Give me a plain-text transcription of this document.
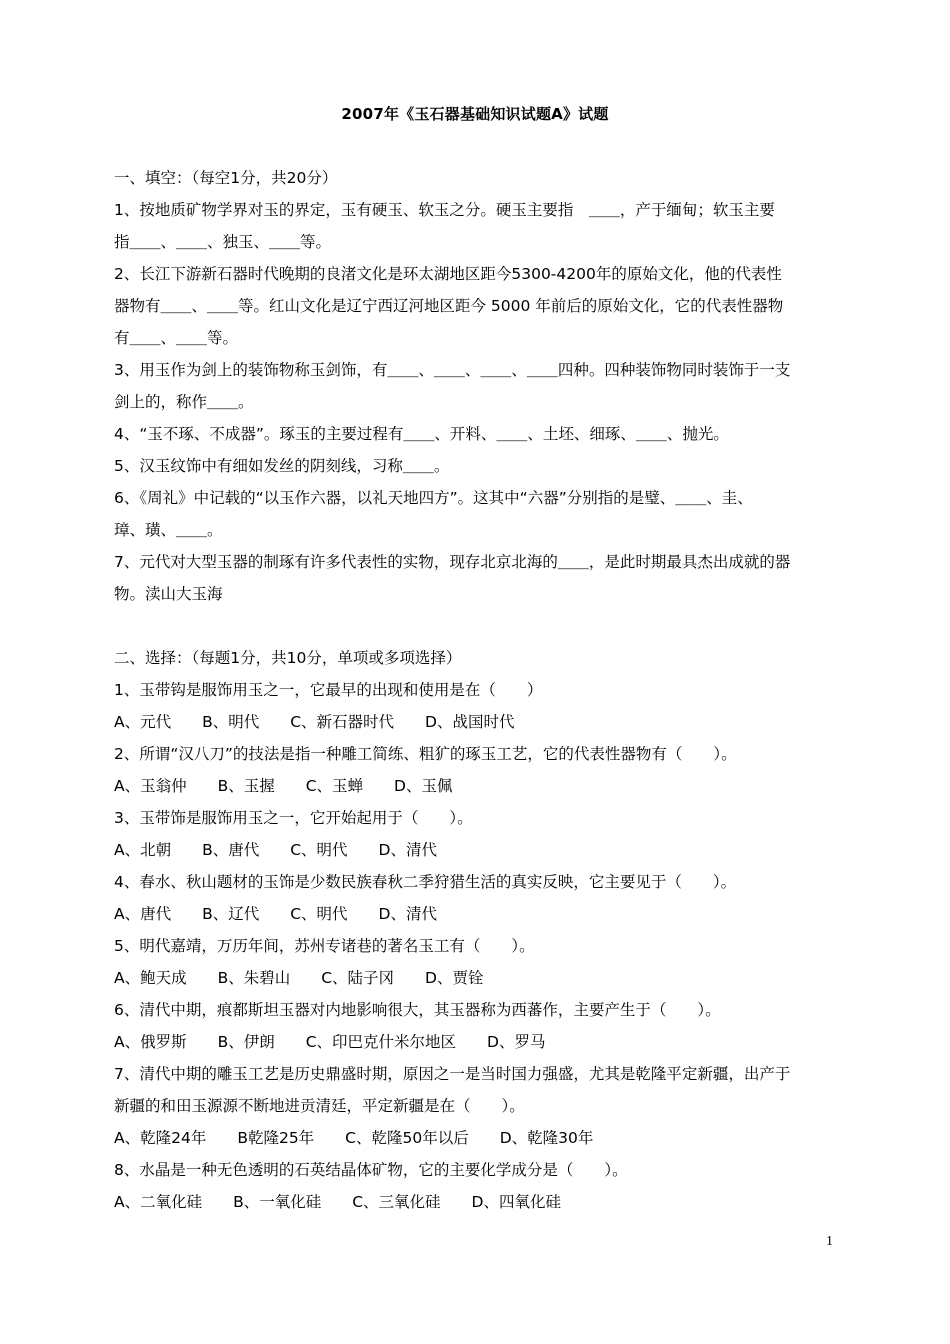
2007年《玉石器基础知识试题A》试题
一、填空：（每空1分，共20分）
1、按地质矿物学界对玉的界定，玉有硬玉、软玉之分。硬玉主要指　＿＿，产于缅甸；软玉主要
指＿＿、＿＿、独玉、＿＿等。
2、长江下游新石器时代晚期的良渚文化是环太湖地区距今5300-4200年的原始文化，他的代表性
器物有＿＿、＿＿等。红山文化是辽宁西辽河地区距今 5000 年前后的原始文化，它的代表性器物
有＿＿、＿＿等。
3、用玉作为剑上的装饰物称玉剑饰，有＿＿、＿＿、＿＿、＿＿四种。四种装饰物同时装饰于一支
剑上的，称作＿＿。
4、“玉不琢、不成器”。琢玉的主要过程有＿＿、开料、＿＿、土坯、细琢、＿＿、抛光。
5、汉玉纹饰中有细如发丝的阴刻线，习称＿＿。
6、《周礼》中记载的“以玉作六器，以礼天地四方”。这其中“六器”分别指的是璧、＿＿、圭、
璋、璜、＿＿。
7、元代对大型玉器的制琢有许多代表性的实物，现存北京北海的＿＿，是此时期最具杰出成就的器
物。渎山大玉海
二、选择：（每题1分，共10分，单项或多项选择）
1、玉带钩是服饰用玉之一，它最早的出现和使用是在（　　）
A、元代　　B、明代　　C、新石器时代　　D、战国时代
2、所谓“汉八刀”的技法是指一种雕工简练、粗犷的琢玉工艺，它的代表性器物有（　　）。
A、玉翁仲　　B、玉握　　C、玉蝉　　D、玉佩
3、玉带饰是服饰用玉之一，它开始起用于（　　）。
A、北朝　　B、唐代　　C、明代　　D、清代
4、春水、秋山题材的玉饰是少数民族春秋二季狩猎生活的真实反映，它主要见于（　　）。
A、唐代　　B、辽代　　C、明代　　D、清代
5、明代嘉靖，万历年间，苏州专诸巷的著名玉工有（　　）。
A、鲍天成　　B、朱碧山　　C、陆子冈　　D、贾铨
6、清代中期，痕都斯坦玉器对内地影响很大，其玉器称为西蕃作，主要产生于（　　）。
A、俄罗斯　　B、伊朗　　C、印巴克什米尔地区　　D、罗马
7、清代中期的雕玉工艺是历史鼎盛时期，原因之一是当时国力强盛，尤其是乾隆平定新疆，出产于
新疆的和田玉源源不断地进贡清廷，平定新疆是在（　　）。
A、乾隆24年　　B乾隆25年　　C、乾隆50年以后　　D、乾隆30年
8、水晶是一种无色透明的石英结晶体矿物，它的主要化学成分是（　　）。
A、二氧化硅　　B、一氧化硅　　C、三氧化硅　　D、四氧化硅
1
